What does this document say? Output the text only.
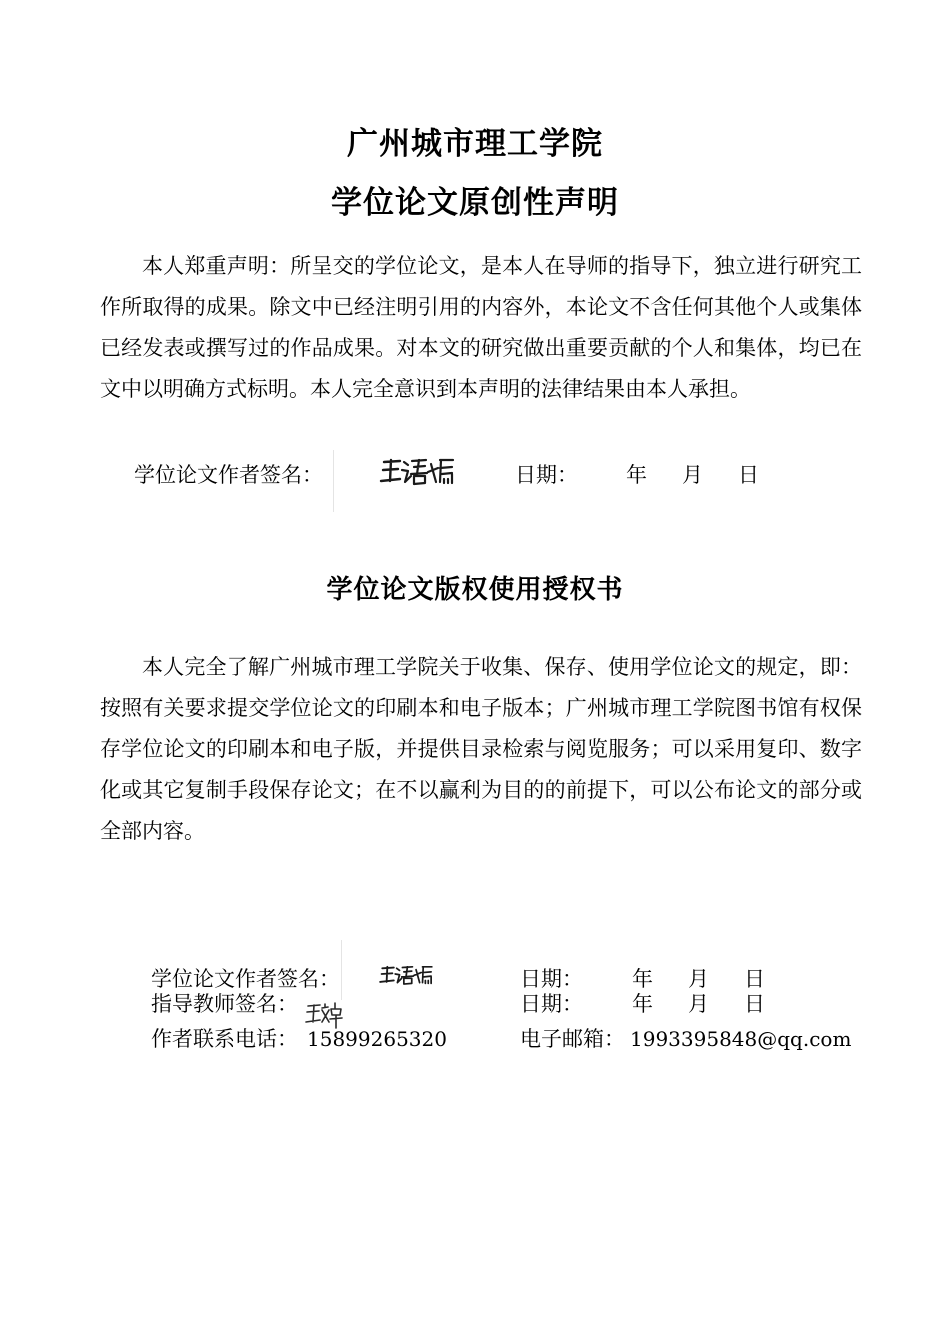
广州城市理工学院
学位论文原创性声明

本人郑重声明：所呈交的学位论文，是本人在导师的指导下，独立进行研究工作所取得的成果。除文中已经注明引用的内容外，本论文不含任何其他个人或集体已经发表或撰写过的作品成果。对本文的研究做出重要贡献的个人和集体，均已在文中以明确方式标明。本人完全意识到本声明的法律结果由本人承担。

学位论文作者签名：	日期： 年 月 日
学位论文版权使用授权书

本人完全了解广州城市理工学院关于收集、保存、使用学位论文的规定，即：按照有关要求提交学位论文的印刷本和电子版本；广州城市理工学院图书馆有权保存学位论文的印刷本和电子版，并提供目录检索与阅览服务；可以采用复印、数字化或其它复制手段保存论文；在不以赢利为目的的前提下，可以公布论文的部分或全部内容。

学位论文作者签名：	日期： 年 月 日
指导教师签名：	日期： 年 月 日
作者联系电话： 15899265320	电子邮箱： 1993395848@qq.com
